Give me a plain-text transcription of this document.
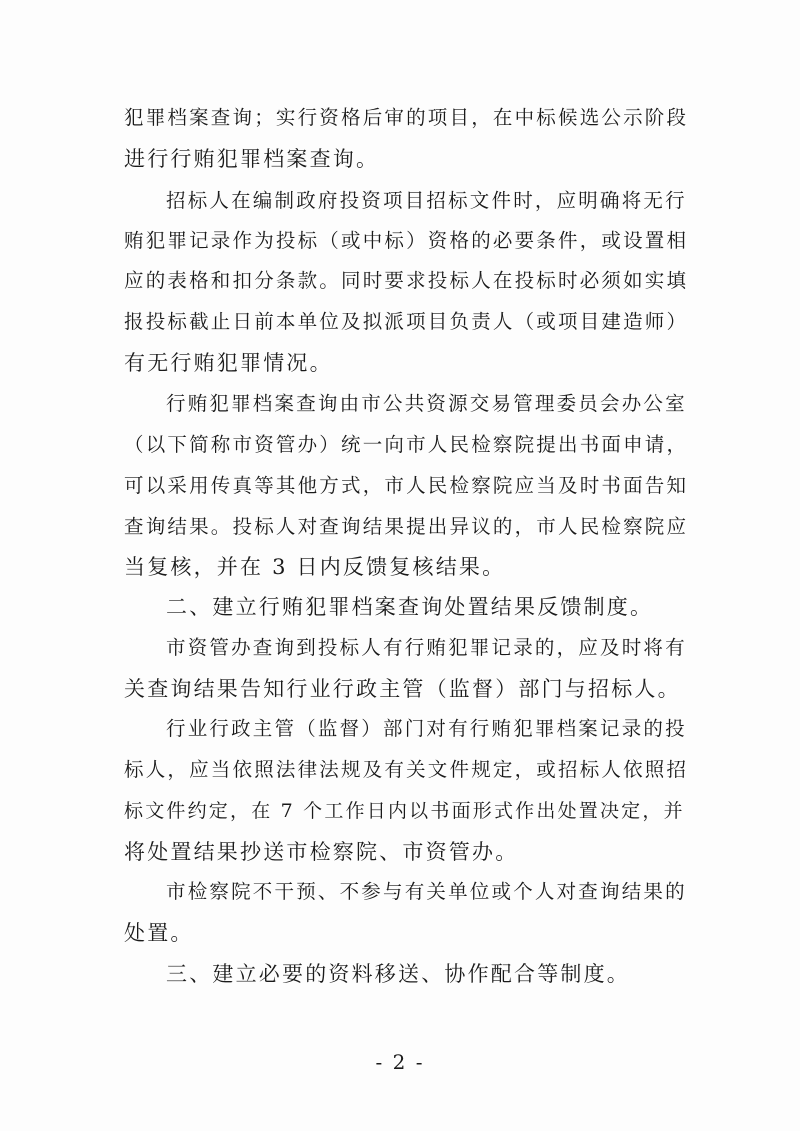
犯罪档案查询；实行资格后审的项目，在中标候选公示阶段
进行行贿犯罪档案查询。
招标人在编制政府投资项目招标文件时，应明确将无行
贿犯罪记录作为投标（或中标）资格的必要条件，或设置相
应的表格和扣分条款。同时要求投标人在投标时必须如实填
报投标截止日前本单位及拟派项目负责人（或项目建造师）
有无行贿犯罪情况。
行贿犯罪档案查询由市公共资源交易管理委员会办公室
（以下简称市资管办）统一向市人民检察院提出书面申请，
可以采用传真等其他方式，市人民检察院应当及时书面告知
查询结果。投标人对查询结果提出异议的，市人民检察院应
当复核，并在 3 日内反馈复核结果。
二、建立行贿犯罪档案查询处置结果反馈制度。
市资管办查询到投标人有行贿犯罪记录的，应及时将有
关查询结果告知行业行政主管（监督）部门与招标人。
行业行政主管（监督）部门对有行贿犯罪档案记录的投
标人，应当依照法律法规及有关文件规定，或招标人依照招
标文件约定，在 7 个工作日内以书面形式作出处置决定，并
将处置结果抄送市检察院、市资管办。
市检察院不干预、不参与有关单位或个人对查询结果的
处置。
三、建立必要的资料移送、协作配合等制度。
- 2 -
